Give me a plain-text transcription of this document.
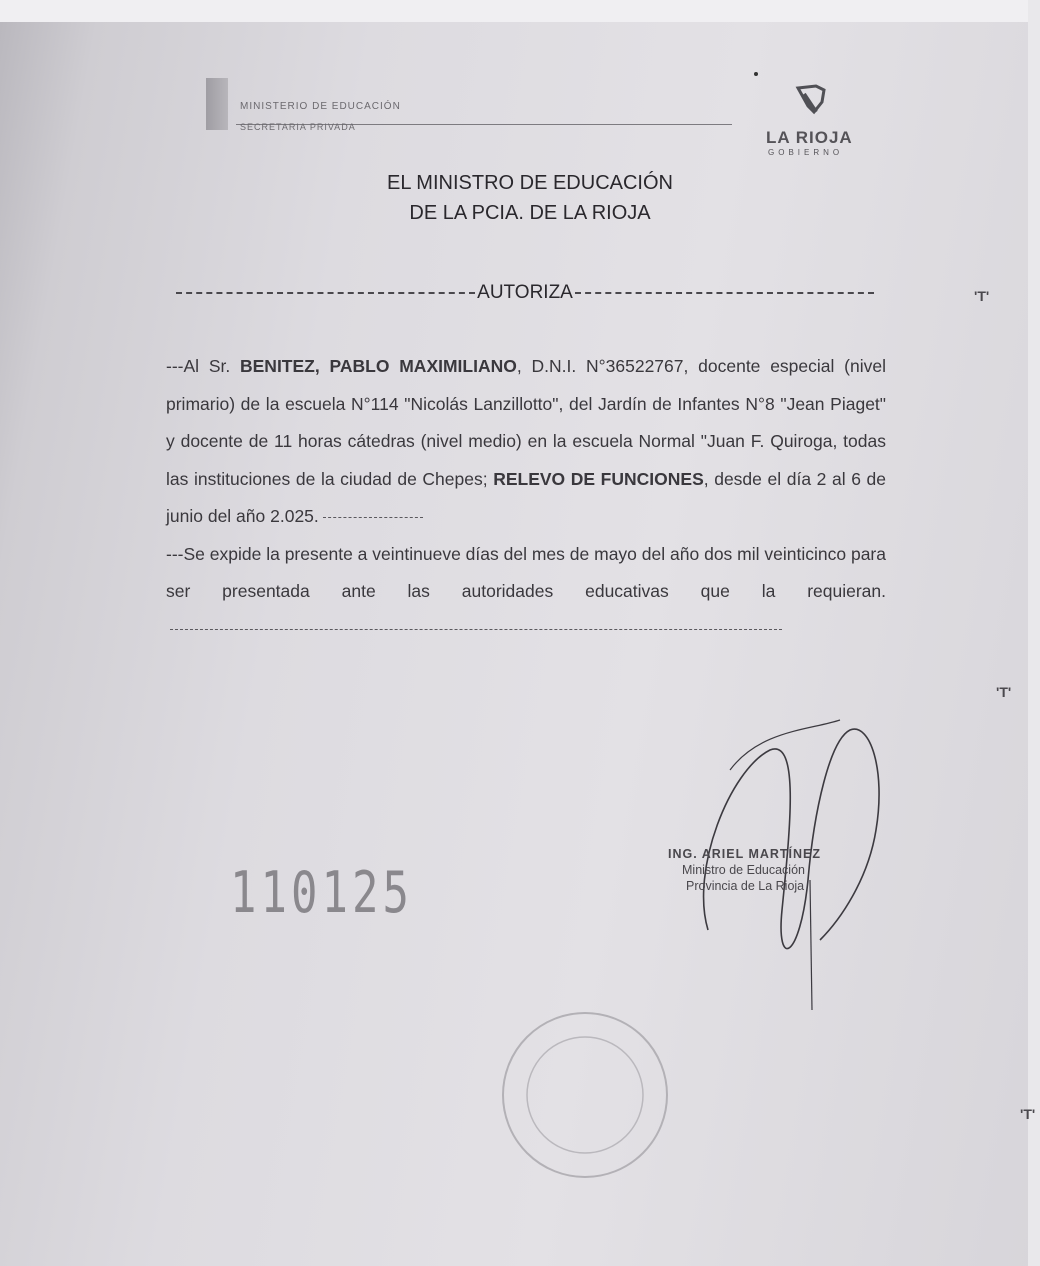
MINISTERIO DE EDUCACIÓN
SECRETARIA PRIVADA
LA RIOJA
GOBIERNO
EL MINISTRO DE EDUCACIÓN
DE LA PCIA. DE LA RIOJA
AUTORIZA

---Al Sr. BENITEZ, PABLO MAXIMILIANO, D.N.I. N°36522767, docente especial (nivel primario) de la escuela N°114 "Nicolás Lanzillotto", del Jardín de Infantes N°8 "Jean Piaget" y docente de 11 horas cátedras (nivel medio) en la escuela Normal "Juan F. Quiroga, todas las instituciones de la ciudad de Chepes; RELEVO DE FUNCIONES, desde el día 2 al 6 de junio del año 2.025.

---Se expide la presente a veintinueve días del mes de mayo del año dos mil veinticinco para ser presentada ante las autoridades educativas que la requieran.

110125
ING. ARIEL MARTÍNEZ
Ministro de Educación
Provincia de La Rioja
'T'
'T'
'T'
